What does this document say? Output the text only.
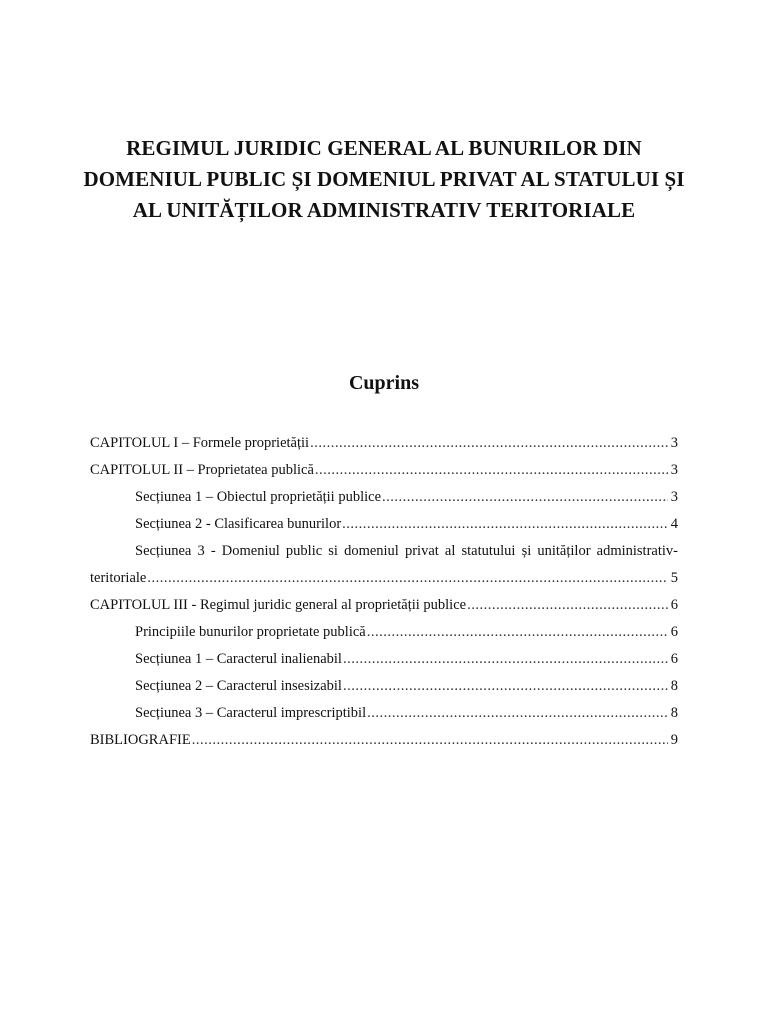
REGIMUL JURIDIC GENERAL AL BUNURILOR DIN
DOMENIUL PUBLIC ȘI DOMENIUL PRIVAT AL STATULUI ȘI
AL UNITĂȚILOR ADMINISTRATIV TERITORIALE
Cuprins
CAPITOLUL I – Formele proprietății .....	3
CAPITOLUL II – Proprietatea publică .....	3
Secțiunea 1 – Obiectul proprietății publice .....	3
Secțiunea 2 - Clasificarea bunurilor .....	4
Secțiunea 3 - Domeniul public si domeniul privat al statutului și unităților administrativ-
teritoriale .....	5
CAPITOLUL III - Regimul juridic general al proprietății publice .....	6
Principiile bunurilor proprietate publică .....	6
Secțiunea 1 – Caracterul inalienabil .....	6
Secțiunea 2 – Caracterul insesizabil .....	8
Secțiunea 3 – Caracterul imprescriptibil .....	8
BIBLIOGRAFIE .....	9
